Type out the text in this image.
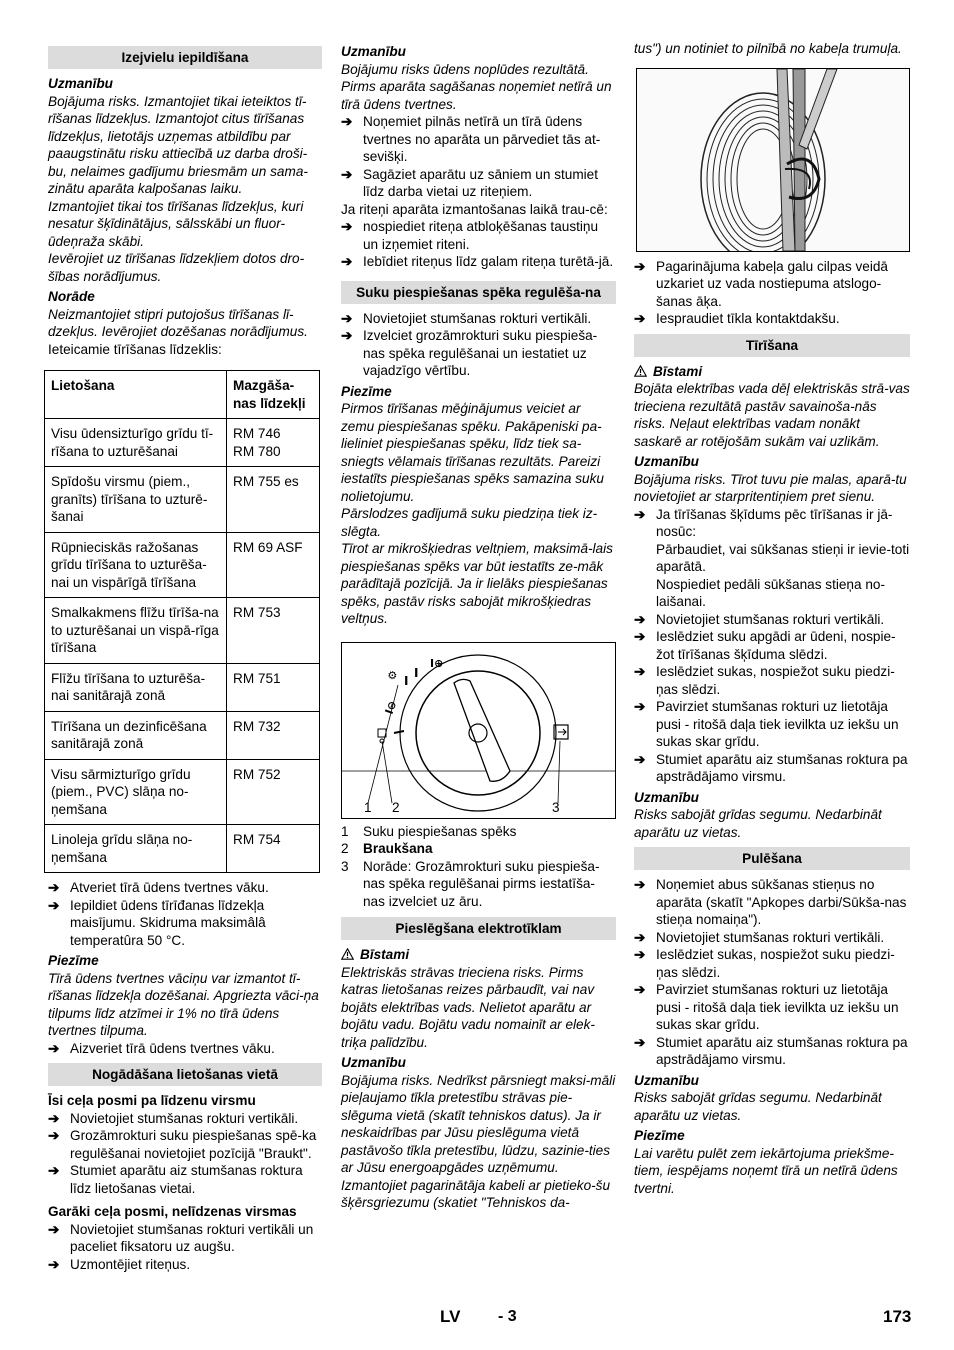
Izejvielu iepildīšana
Uzmanību

Bojājuma risks. Izmantojiet tikai ieteiktos tī-rīšanas līdzekļus. Izmantojot citus tīrīšanas līdzekļus, lietotājs uzņemas atbildību par paaugstinātu risku attiecībā uz darba droši-bu, nelaimes gadījumu briesmām un sama-zinātu aparāta kalpošanas laiku.

Izmantojiet tikai tos tīrīšanas līdzekļus, kuri nesatur šķīdinātājus, sālsskābi un fluor-ūdeņraža skābi.

Ievērojiet uz tīrīšanas līdzekļiem dotos dro-šības norādījumus.

Norāde

Neizmantojiet stipri putojošus tīrīšanas lī-dzekļus. Ievērojiet dozēšanas norādījumus.

Ieteicamie tīrīšanas līdzeklis:

Lietošana	Mazgāša-nas līdzekļi
Visu ūdensizturīgo grīdu tī-rīšana to uzturēšanai	RM 746
RM 780
Spīdošu virsmu (piem., granīts) tīrīšana to uzturē-šanai	RM 755 es
Rūpnieciskās ražošanas grīdu tīrīšana to uzturēša-nai un vispārīgā tīrīšana	RM 69 ASF
Smalkakmens flīžu tīrīša-na to uzturēšanai un vispā-rīga tīrīšana	RM 753
Flīžu tīrīšana to uzturēša-nai sanitārajā zonā	RM 751
Tīrīšana un dezinficēšana sanitārajā zonā	RM 732
Visu sārmizturīgo grīdu (piem., PVC) slāņa no-ņemšana	RM 752
Linoleja grīdu slāņa no-ņemšana	RM 754
➔ Atveriet tīrā ūdens tvertnes vāku.
➔ Iepildiet ūdens tīrīđanas līdzekļa maisījumu. Skidruma maksimâlâ temperatûra 50 °C.
Piezīme

Tīrā ūdens tvertnes vāciņu var izmantot tī-rīšanas līdzekļa dozēšanai. Apgriezta vāci-ņa tilpums līdz atzīmei ir 1% no tīrā ūdens tvertnes tilpuma.

➔ Aizveriet tīrā ūdens tvertnes vāku.
Nogādāšana lietošanas vietā
Īsi ceļa posmi pa līdzenu virsmu
➔ Novietojiet stumšanas rokturi vertikāli.
➔ Grozāmrokturi suku piespiešanas spē-ka regulēšanai novietojiet pozīcijā "Braukt".
➔ Stumiet aparātu aiz stumšanas roktura līdz lietošanas vietai.
Garāki ceļa posmi, nelīdzenas virsmas
➔ Novietojiet stumšanas rokturi vertikāli un paceliet fiksatoru uz augšu.
➔ Uzmontējiet riteņus.
Uzmanību

Bojājumu risks ūdens noplūdes rezultātā. Pirms aparāta sagāšanas noņemiet netīrā un tīrā ūdens tvertnes.

➔ Noņemiet pilnās netīrā un tīrā ūdens tvertnes no aparāta un pārvediet tās at-sevišķi.
➔ Sagāziet aparātu uz sāniem un stumiet līdz darba vietai uz riteņiem.

Ja riteņi aparāta izmantošanas laikā trau-cē:

➔ nospiediet riteņa atbloķēšanas taustiņu un izņemiet riteni.
➔ Iebīdiet riteņus līdz galam riteņa turētā-jā.
Suku piespiešanas spēka regulēša-na
➔ Novietojiet stumšanas rokturi vertikāli.
➔ Izvelciet grozāmrokturi suku piespieša-nas spēka regulēšanai un iestatiet uz vajadzīgo vērtību.
Piezīme

Pirmos tīrīšanas mēģinājumus veiciet ar zemu piespiešanas spēku. Pakāpeniski pa-lieliniet piespiešanas spēku, līdz tiek sa-sniegts vēlamais tīrīšanas rezultāts. Pareizi iestatīts piespiešanas spēks samazina suku nolietojumu.

Pārslodzes gadījumā suku piedziņa tiek iz-slēgta.

Tīrot ar mikrošķiedras veltņiem, maksimā-lais piespiešanas spēks var būt iestatīts ze-māk parādītajā pozīcijā. Ja ir lielāks piespiešanas spēks, pastāv risks sabojāt mikrošķiedras veltņus.

⚙ I
I
I⊕
I⊖
1 2	3
1 Suku piespiešanas spēks
2 Braukšana
3 Norāde: Grozāmrokturi suku piespieša-nas spēka regulēšanai pirms iestatīša-nas izvelciet uz āru.
Pieslēgšana elektrotīklam
Bīstami

Elektriskās strāvas trieciena risks. Pirms katras lietošanas reizes pārbaudīt, vai nav bojāts elektrības vads. Nelietot aparātu ar bojātu vadu. Bojātu vadu nomainīt ar elek-triķa palīdzību.

Uzmanību

Bojājuma risks. Nedrīkst pārsniegt maksi-māli pieļaujamo tīkla pretestību strāvas pie-slēguma vietā (skatīt tehniskos datus). Ja ir neskaidrības par Jūsu pieslēguma vietā pastāvošo tīkla pretestību, lūdzu, sazinie-ties ar Jūsu energoapgādes uzņēmumu. Izmantojiet pagarinātāja kabeli ar pietieko-šu šķērsgriezumu (skatiet "Tehniskos da-

tus") un notiniet to pilnībā no kabeļa trumuļa.

➔ Pagarinājuma kabeļa galu cilpas veidā uzkariet uz vada nostiepuma atslogo-šanas āķa.
➔ Iespraudiet tīkla kontaktdakšu.
Tīrīšana
Bīstami

Bojāta elektrības vada dēļ elektriskās strā-vas trieciena rezultātā pastāv savainoša-nās risks. Neļaut elektrības vadam nonākt saskarē ar rotējošām sukām vai uzlikām.

Uzmanību

Bojājuma risks. Tīrot tuvu pie malas, aparā-tu novietojiet ar starpritentiņiem pret sienu.

➔ Ja tīrīšanas šķīdums pēc tīrīšanas ir jā-nosūc:
Pārbaudiet, vai sūkšanas stieņi ir ievie-toti aparātā.
Nospiediet pedāli sūkšanas stieņa no-laišanai.
➔ Novietojiet stumšanas rokturi vertikāli.
➔ Ieslēdziet suku apgādi ar ūdeni, nospie-žot tīrīšanas šķīduma slēdzi.
➔ Ieslēdziet sukas, nospiežot suku piedzi-ņas slēdzi.
➔ Pavirziet stumšanas rokturi uz lietotāja pusi - ritošā daļa tiek ievilkta uz iekšu un sukas skar grīdu.
➔ Stumiet aparātu aiz stumšanas roktura pa apstrādājamo virsmu.
Uzmanību

Risks sabojāt grīdas segumu. Nedarbināt aparātu uz vietas.

Pulēšana
➔ Noņemiet abus sūkšanas stieņus no aparāta (skatīt "Apkopes darbi/Sūkša-nas stieņa nomaiņa").
➔ Novietojiet stumšanas rokturi vertikāli.
➔ Ieslēdziet sukas, nospiežot suku piedzi-ņas slēdzi.
➔ Pavirziet stumšanas rokturi uz lietotāja pusi - ritošā daļa tiek ievilkta uz iekšu un sukas skar grīdu.
➔ Stumiet aparātu aiz stumšanas roktura pa apstrādājamo virsmu.
Uzmanību

Risks sabojāt grīdas segumu. Nedarbināt aparātu uz vietas.

Piezīme

Lai varētu pulēt zem iekārtojuma priekšme-tiem, iespējams noņemt tīrā un netīrā ūdens tvertni.

LV - 3	173
